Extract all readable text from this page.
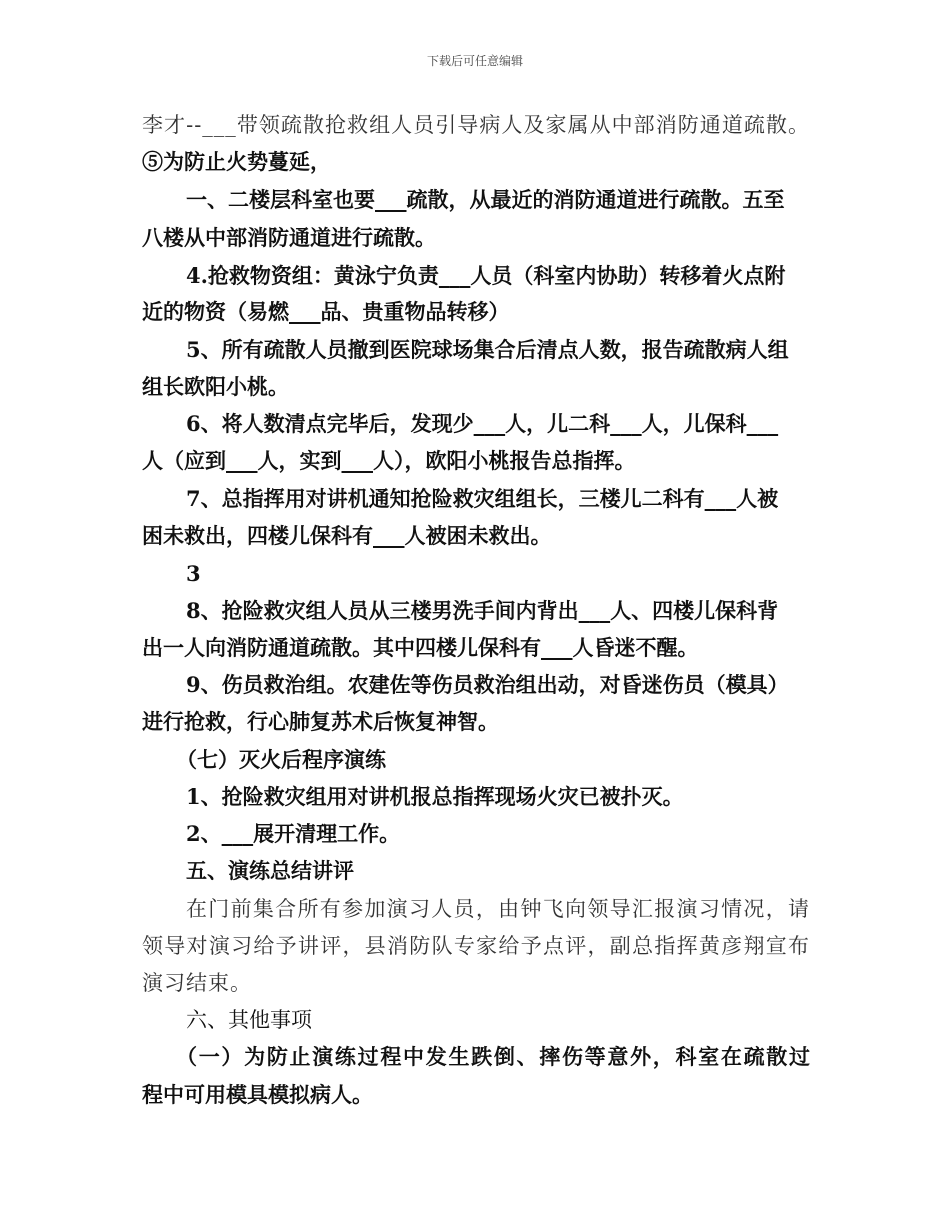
下载后可任意编辑
李才--___带领疏散抢救组人员引导病人及家属从中部消防通道疏散。
⑤为防止火势蔓延，
一、二楼层科室也要___疏散，从最近的消防通道进行疏散。五至
八楼从中部消防通道进行疏散。
4.抢救物资组：黄泳宁负责___人员（科室内协助）转移着火点附
近的物资（易燃___品、贵重物品转移）
5、所有疏散人员撤到医院球场集合后清点人数，报告疏散病人组
组长欧阳小桃。
6、将人数清点完毕后，发现少___人，儿二科___人，儿保科___
人（应到___人，实到___人），欧阳小桃报告总指挥。
7、总指挥用对讲机通知抢险救灾组组长，三楼儿二科有___人被
困未救出，四楼儿保科有___人被困未救出。
3
8、抢险救灾组人员从三楼男洗手间内背出___人、四楼儿保科背
出一人向消防通道疏散。其中四楼儿保科有___人昏迷不醒。
9、伤员救治组。农建佐等伤员救治组出动，对昏迷伤员（模具）
进行抢救，行心肺复苏术后恢复神智。
（七）灭火后程序演练
1、抢险救灾组用对讲机报总指挥现场火灾已被扑灭。
2、___展开清理工作。
五、演练总结讲评
在门前集合所有参加演习人员，由钟飞向领导汇报演习情况，请
领导对演习给予讲评，县消防队专家给予点评，副总指挥黄彦翔宣布
演习结束。
六、其他事项
（一）为防止演练过程中发生跌倒、摔伤等意外，科室在疏散过
程中可用模具模拟病人。
